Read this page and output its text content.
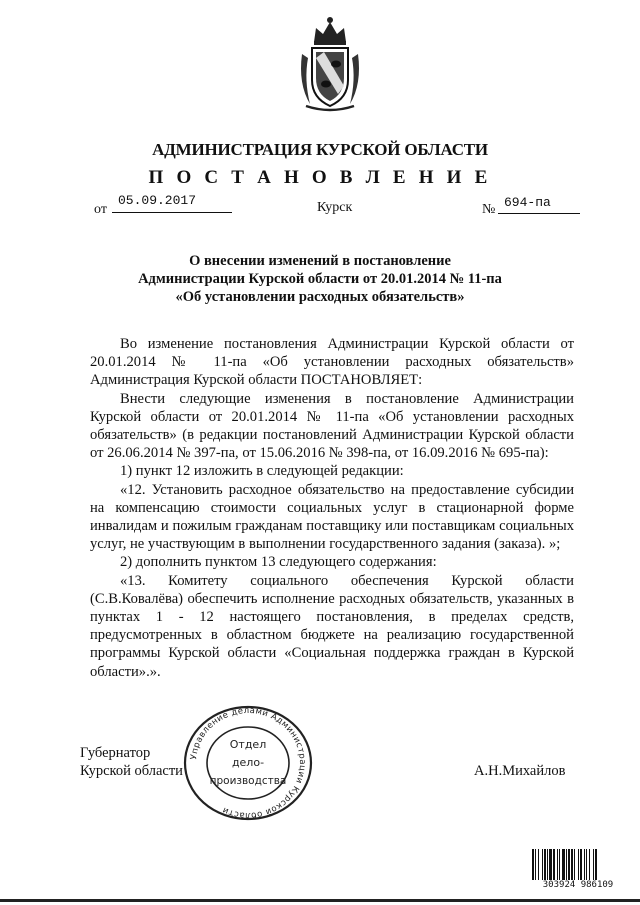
АДМИНИСТРАЦИЯ КУРСКОЙ ОБЛАСТИ
П О С Т А Н О В Л Е Н И Е
от
05.09.2017	Курск	№ 694-па
О внесении изменений в постановление
Администрации Курской области от 20.01.2014 № 11-па
«Об установлении расходных обязательств»

Во изменение постановления Администрации Курской области от 20.01.2014 № 11-па «Об установлении расходных обязательств» Администрация Курской области ПОСТАНОВЛЯЕТ:

Внести следующие изменения в постановление Администрации Курской области от 20.01.2014 № 11-па «Об установлении расходных обязательств» (в редакции постановлений Администрации Курской области от 26.06.2014 № 397-па, от 15.06.2016 № 398-па, от 16.09.2016 № 695-па):

1) пункт 12 изложить в следующей редакции:

«12. Установить расходное обязательство на предоставление субсидии на компенсацию стоимости социальных услуг в стационарной форме инвалидам и пожилым гражданам поставщику или поставщикам социальных услуг, не участвующим в выполнении государственного задания (заказа). »;

2) дополнить пунктом 13 следующего содержания:

«13. Комитету социального обеспечения Курской области (С.В.Ковалёва) обеспечить исполнение расходных обязательств, указанных в пунктах 1 - 12 настоящего постановления, в пределах средств, предусмотренных в областном бюджете на реализацию государственной программы Курской области «Социальная поддержка граждан в Курской области».».

Губернатор
Курской области	А.Н.Михайлов
Управление делами Администрации Курской области
Отдел
дело-
производства
303924 986109
